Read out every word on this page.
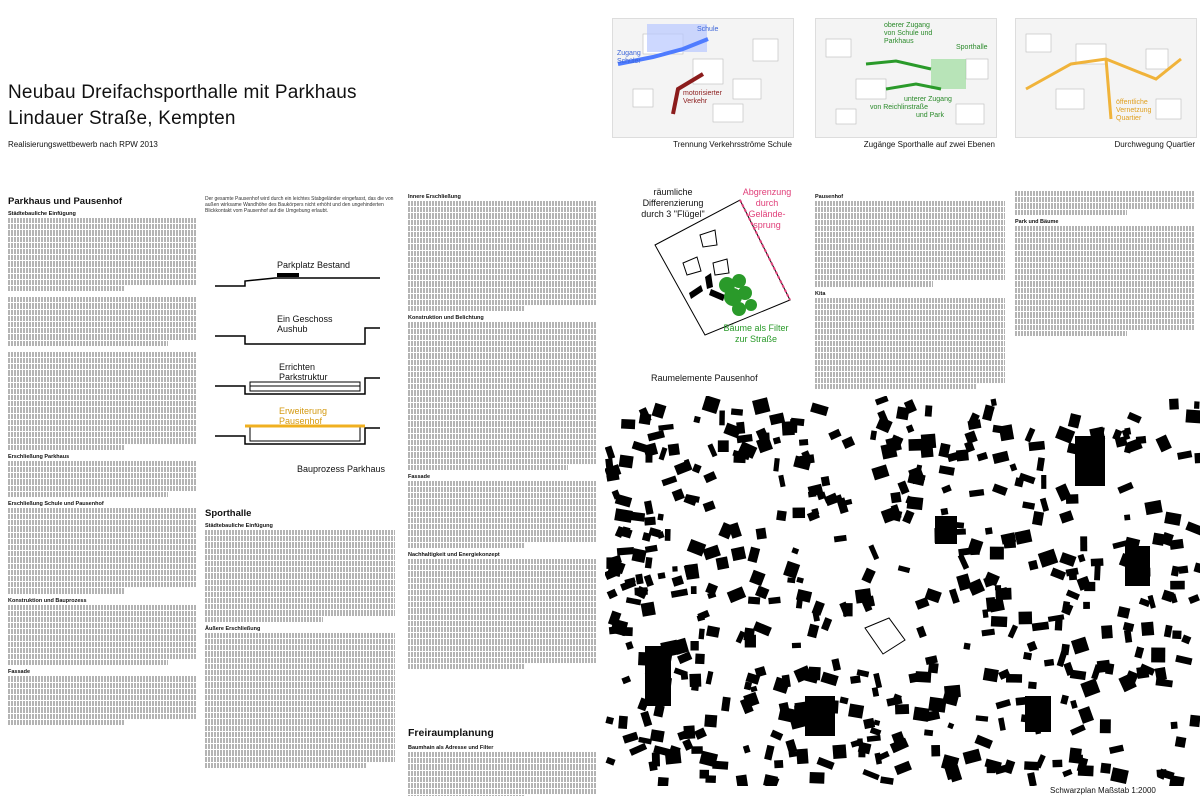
Neubau Dreifachsporthalle mit Parkhaus
Lindauer Straße, Kempten
Realisierungswettbewerb nach RPW 2013
Schule
Zugang Schüler
motorisierter Verkehr
Trennung Verkehrsströme Schule
oberer Zugang von Schule und Parkhaus
Sporthalle
unterer Zugang von Reichlinstraße und Park
Zugänge Sporthalle auf zwei Ebenen
öffentliche Vernetzung Quartier
Durchwegung Quartier
Parkhaus und Pausenhof
Städtebauliche Einfügung
Erschließung Parkhaus
Erschließung Schule und Pausenhof
Konstruktion und Bauprozess
Fassade
Der gesamte Pausenhof wird durch ein leichtes Stabgeländer eingefasst, das die von außen wirksame Wandhöhe des Baukörpers nicht erhöht und den ungehinderten Blickkontakt vom Pausenhof auf die Umgebung erlaubt.
Parkplatz Bestand
Ein Geschoss Aushub
Errichten Parkstruktur
Erweiterung Pausenhof
Bauprozess Parkhaus
Sporthalle
Städtebauliche Einfügung
Äußere Erschließung
Innere Erschließung
Konstruktion und Belichtung
Fassade
Nachhaltigkeit und Energiekonzept
Freiraumplanung
Baumhain als Adresse und Filter
räumliche
Differenzierung
durch 3 "Flügel"
Abgrenzung
durch
Gelände-
sprung
Bäume als Filter
zur Straße
Raumelemente Pausenhof
Pausenhof
Kita
Park und Bäume
Schwarzplan Maßstab 1:2000
